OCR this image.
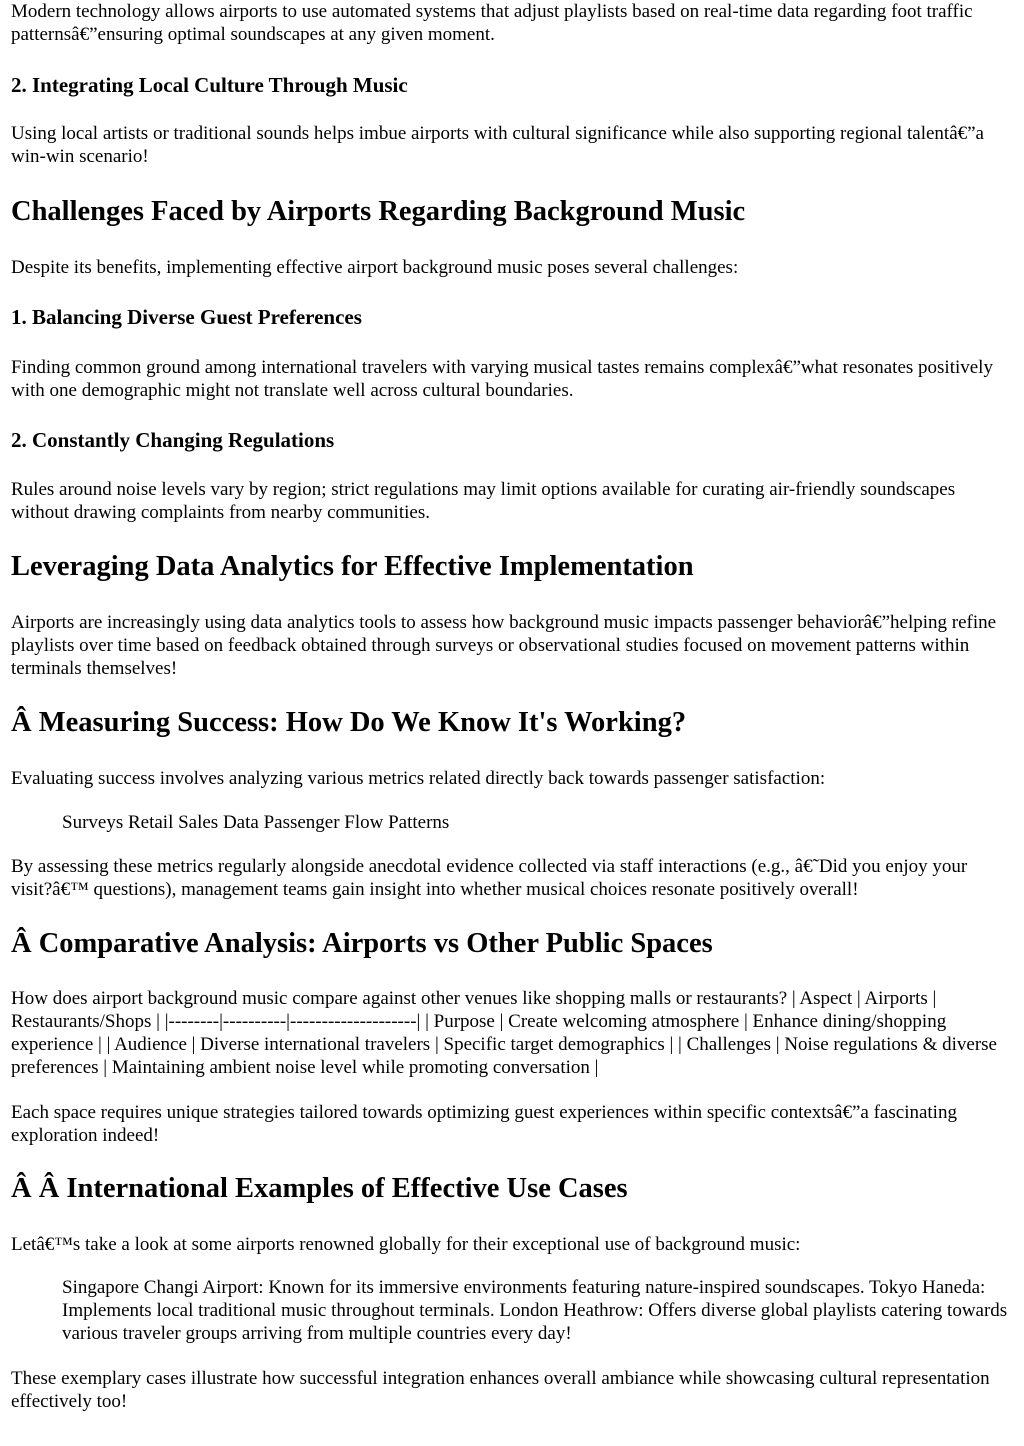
Modern technology allows airports to use automated systems that adjust playlists based on real-time data regarding foot traffic patternsâ€”ensuring optimal soundscapes at any given moment.

2. Integrating Local Culture Through Music

Using local artists or traditional sounds helps imbue airports with cultural significance while also supporting regional talentâ€”a win-win scenario!

Challenges Faced by Airports Regarding Background Music

Despite its benefits, implementing effective airport background music poses several challenges:

1. Balancing Diverse Guest Preferences

Finding common ground among international travelers with varying musical tastes remains complexâ€”what resonates positively with one demographic might not translate well across cultural boundaries.

2. Constantly Changing Regulations

Rules around noise levels vary by region; strict regulations may limit options available for curating air-friendly soundscapes without drawing complaints from nearby communities.

Leveraging Data Analytics for Effective Implementation

Airports are increasingly using data analytics tools to assess how background music impacts passenger behaviorâ€”helping refine playlists over time based on feedback obtained through surveys or observational studies focused on movement patterns within terminals themselves!

Â Measuring Success: How Do We Know It's Working?

Evaluating success involves analyzing various metrics related directly back towards passenger satisfaction:

Surveys Retail Sales Data Passenger Flow Patterns

By assessing these metrics regularly alongside anecdotal evidence collected via staff interactions (e.g., â€˜Did you enjoy your visit?â€™ questions), management teams gain insight into whether musical choices resonate positively overall!

Â Comparative Analysis: Airports vs Other Public Spaces

How does airport background music compare against other venues like shopping malls or restaurants? | Aspect | Airports | Restaurants/Shops | |--------|----------|--------------------| | Purpose | Create welcoming atmosphere | Enhance dining/shopping experience | | Audience | Diverse international travelers | Specific target demographics | | Challenges | Noise regulations & diverse preferences | Maintaining ambient noise level while promoting conversation |

Each space requires unique strategies tailored towards optimizing guest experiences within specific contextsâ€”a fascinating exploration indeed!

Â Â International Examples of Effective Use Cases

Letâ€™s take a look at some airports renowned globally for their exceptional use of background music:

Singapore Changi Airport: Known for its immersive environments featuring nature-inspired soundscapes. Tokyo Haneda: Implements local traditional music throughout terminals. London Heathrow: Offers diverse global playlists catering towards various traveler groups arriving from multiple countries every day!

These exemplary cases illustrate how successful integration enhances overall ambiance while showcasing cultural representation effectively too!
